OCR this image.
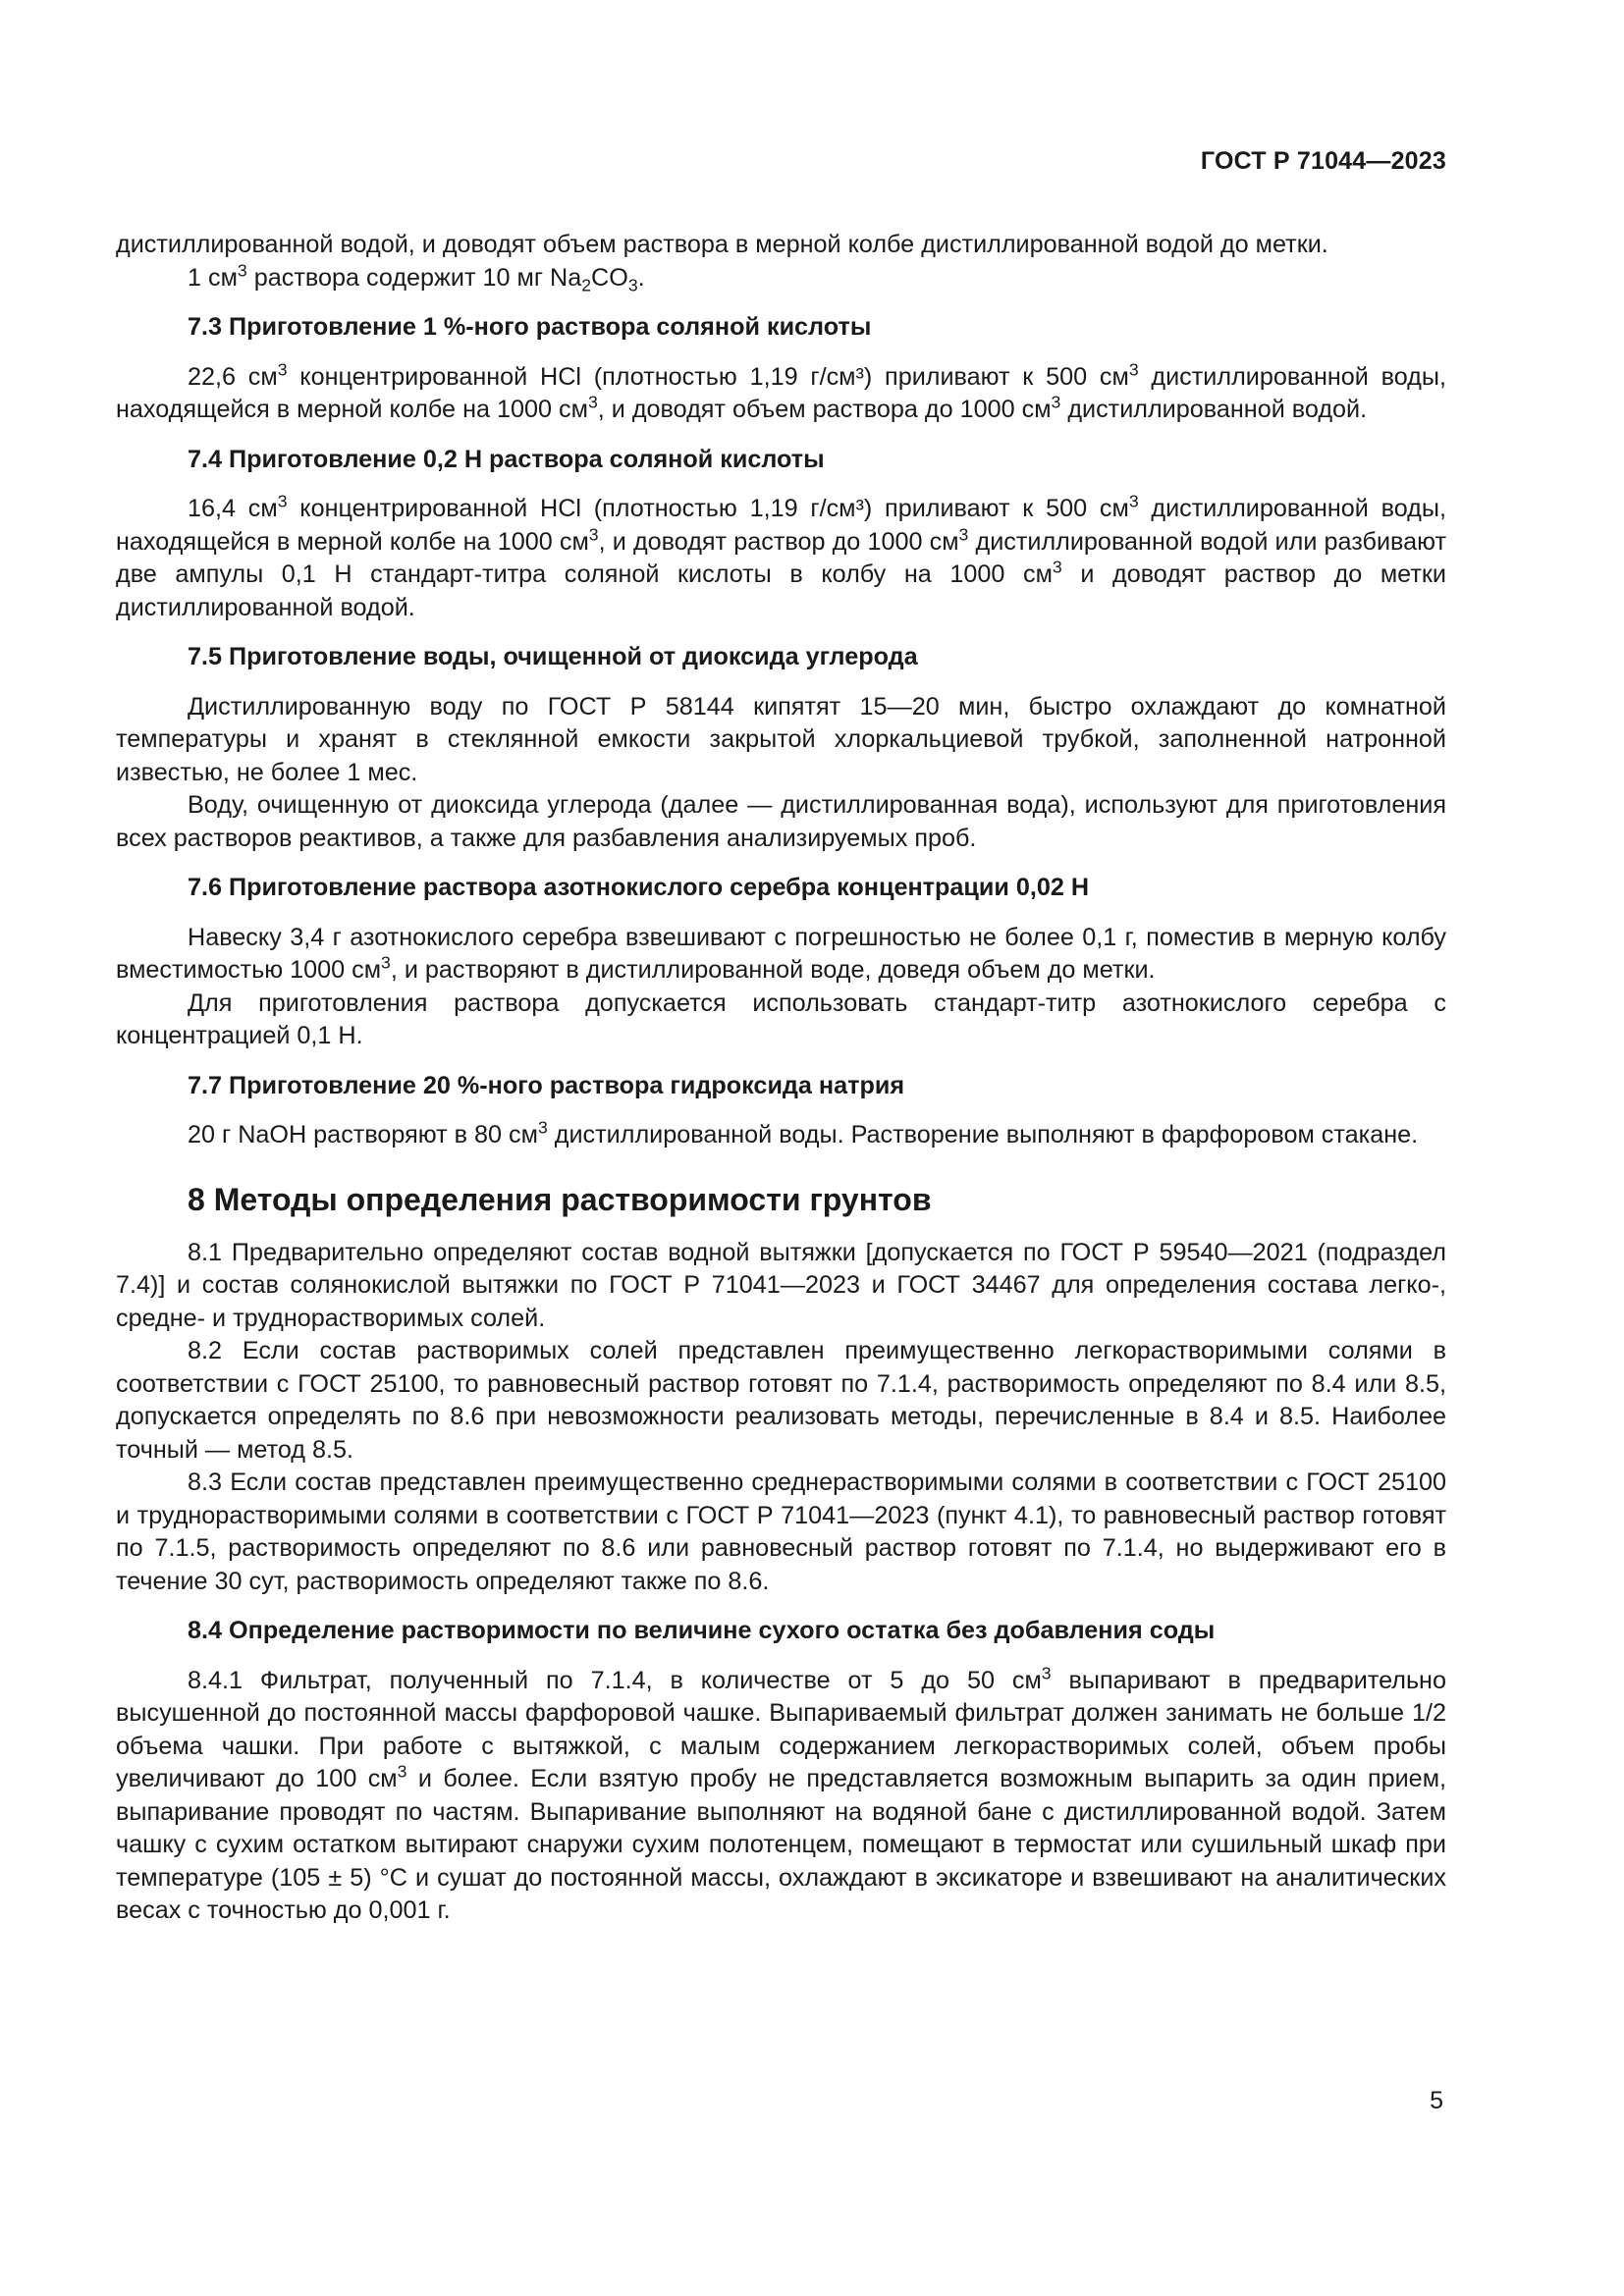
ГОСТ Р 71044—2023

дистиллированной водой, и доводят объем раствора в мерной колбе дистиллированной водой до метки.

1 $см^3$ раствора содержит 10 мг $Na_2CO_3$.

7.3 Приготовление 1 %-ного раствора соляной кислоты

22,6 $см^3$ концентрированной HCl (плотностью 1,19 г/см³) приливают к 500 $см^3$ дистиллированной воды, находящейся в мерной колбе на 1000 $см^3$, и доводят объем раствора до 1000 $см^3$ дистиллированной водой.

7.4 Приготовление 0,2 Н раствора соляной кислоты

16,4 $см^3$ концентрированной HCl (плотностью 1,19 г/см³) приливают к 500 $см^3$ дистиллированной воды, находящейся в мерной колбе на 1000 $см^3$, и доводят раствор до 1000 $см^3$ дистиллированной водой или разбивают две ампулы 0,1 Н стандарт-титра соляной кислоты в колбу на 1000 $см^3$ и доводят раствор до метки дистиллированной водой.

7.5 Приготовление воды, очищенной от диоксида углерода

Дистиллированную воду по ГОСТ Р 58144 кипятят 15—20 мин, быстро охлаждают до комнатной температуры и хранят в стеклянной емкости закрытой хлоркальциевой трубкой, заполненной натронной известью, не более 1 мес.

Воду, очищенную от диоксида углерода (далее — дистиллированная вода), используют для приготовления всех растворов реактивов, а также для разбавления анализируемых проб.

7.6 Приготовление раствора азотнокислого серебра концентрации 0,02 Н

Навеску 3,4 г азотнокислого серебра взвешивают с погрешностью не более 0,1 г, поместив в мерную колбу вместимостью 1000 $см^3$, и растворяют в дистиллированной воде, доведя объем до метки.

Для приготовления раствора допускается использовать стандарт-титр азотнокислого серебра с концентрацией 0,1 Н.

7.7 Приготовление 20 %-ного раствора гидроксида натрия

20 г NaOH растворяют в 80 $см^3$ дистиллированной воды. Растворение выполняют в фарфоровом стакане.

8 Методы определения растворимости грунтов

8.1 Предварительно определяют состав водной вытяжки [допускается по ГОСТ Р 59540—2021 (подраздел 7.4)] и состав солянокислой вытяжки по ГОСТ Р 71041—2023 и ГОСТ 34467 для определения состава легко-, средне- и труднорастворимых солей.

8.2 Если состав растворимых солей представлен преимущественно легкорастворимыми солями в соответствии с ГОСТ 25100, то равновесный раствор готовят по 7.1.4, растворимость определяют по 8.4 или 8.5, допускается определять по 8.6 при невозможности реализовать методы, перечисленные в 8.4 и 8.5. Наиболее точный — метод 8.5.

8.3 Если состав представлен преимущественно среднерастворимыми солями в соответствии с ГОСТ 25100 и труднорастворимыми солями в соответствии с ГОСТ Р 71041—2023 (пункт 4.1), то равновесный раствор готовят по 7.1.5, растворимость определяют по 8.6 или равновесный раствор готовят по 7.1.4, но выдерживают его в течение 30 сут, растворимость определяют также по 8.6.

8.4 Определение растворимости по величине сухого остатка без добавления соды

8.4.1 Фильтрат, полученный по 7.1.4, в количестве от 5 до 50 $см^3$ выпаривают в предварительно высушенной до постоянной массы фарфоровой чашке. Выпариваемый фильтрат должен занимать не больше 1/2 объема чашки. При работе с вытяжкой, с малым содержанием легкорастворимых солей, объем пробы увеличивают до 100 $см^3$ и более. Если взятую пробу не представляется возможным выпарить за один прием, выпаривание проводят по частям. Выпаривание выполняют на водяной бане с дистиллированной водой. Затем чашку с сухим остатком вытирают снаружи сухим полотенцем, помещают в термостат или сушильный шкаф при температуре (105 ± 5) °С и сушат до постоянной массы, охлаждают в эксикаторе и взвешивают на аналитических весах с точностью до 0,001 г.

5
